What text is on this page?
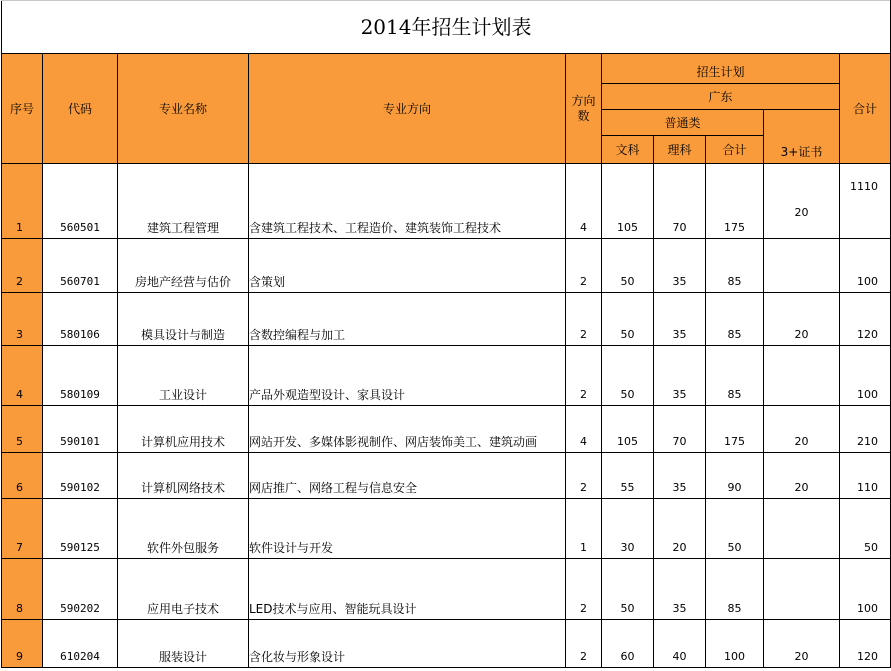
2014年招生计划表									
序号	代码	专业名称	专业方向	方向数	招生计划				合计
					广东				
					普通类			3+证书	
					文科	理科	合计		
1	560501	建筑工程管理	含建筑工程技术、工程造价、建筑装饰工程技术	4	105	70	175	20	1110
2	560701	房地产经营与估价	含策划	2	50	35	85		100
3	580106	模具设计与制造	含数控编程与加工	2	50	35	85	20	120
4	580109	工业设计	产品外观造型设计、家具设计	2	50	35	85		100
5	590101	计算机应用技术	网站开发、多媒体影视制作、网店装饰美工、建筑动画	4	105	70	175	20	210
6	590102	计算机网络技术	网店推广、网络工程与信息安全	2	55	35	90	20	110
7	590125	软件外包服务	软件设计与开发	1	30	20	50		50
8	590202	应用电子技术	LED技术与应用、智能玩具设计	2	50	35	85		100
9	610204	服装设计	含化妆与形象设计	2	60	40	100	20	120
